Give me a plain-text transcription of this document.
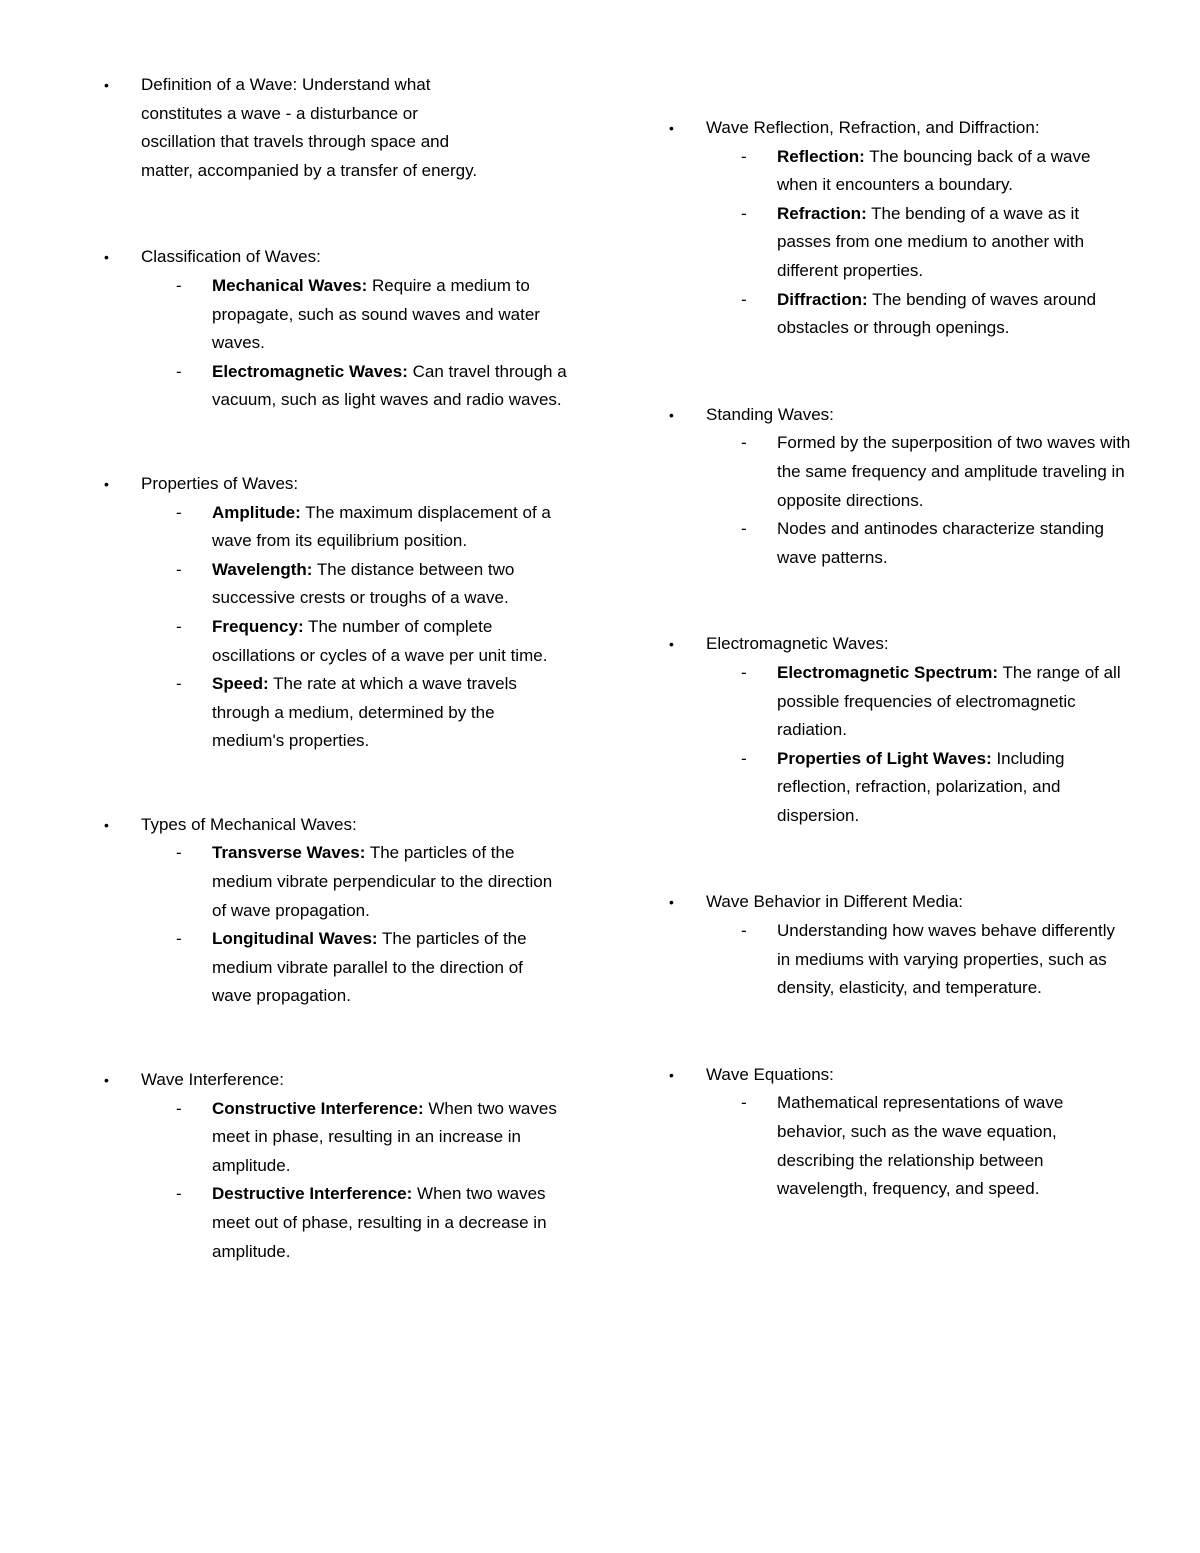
• Definition of a Wave: Understand what constitutes a wave - a disturbance or oscillation that travels through space and matter, accompanied by a transfer of energy.
• Classification of Waves:
- Mechanical Waves: Require a medium to propagate, such as sound waves and water waves.
- Electromagnetic Waves: Can travel through a vacuum, such as light waves and radio waves.
• Properties of Waves:
- Amplitude: The maximum displacement of a wave from its equilibrium position.
- Wavelength: The distance between two successive crests or troughs of a wave.
- Frequency: The number of complete oscillations or cycles of a wave per unit time.
- Speed: The rate at which a wave travels through a medium, determined by the medium's properties.
• Types of Mechanical Waves:
- Transverse Waves: The particles of the medium vibrate perpendicular to the direction of wave propagation.
- Longitudinal Waves: The particles of the medium vibrate parallel to the direction of wave propagation.
• Wave Interference:
- Constructive Interference: When two waves meet in phase, resulting in an increase in amplitude.
- Destructive Interference: When two waves meet out of phase, resulting in a decrease in amplitude.
• Wave Reflection, Refraction, and Diffraction:
- Reflection: The bouncing back of a wave when it encounters a boundary.
- Refraction: The bending of a wave as it passes from one medium to another with different properties.
- Diffraction: The bending of waves around obstacles or through openings.
• Standing Waves:
- Formed by the superposition of two waves with the same frequency and amplitude traveling in opposite directions.
- Nodes and antinodes characterize standing wave patterns.
• Electromagnetic Waves:
- Electromagnetic Spectrum: The range of all possible frequencies of electromagnetic radiation.
- Properties of Light Waves: Including reflection, refraction, polarization, and dispersion.
• Wave Behavior in Different Media:
- Understanding how waves behave differently in mediums with varying properties, such as density, elasticity, and temperature.
• Wave Equations:
- Mathematical representations of wave behavior, such as the wave equation, describing the relationship between wavelength, frequency, and speed.
